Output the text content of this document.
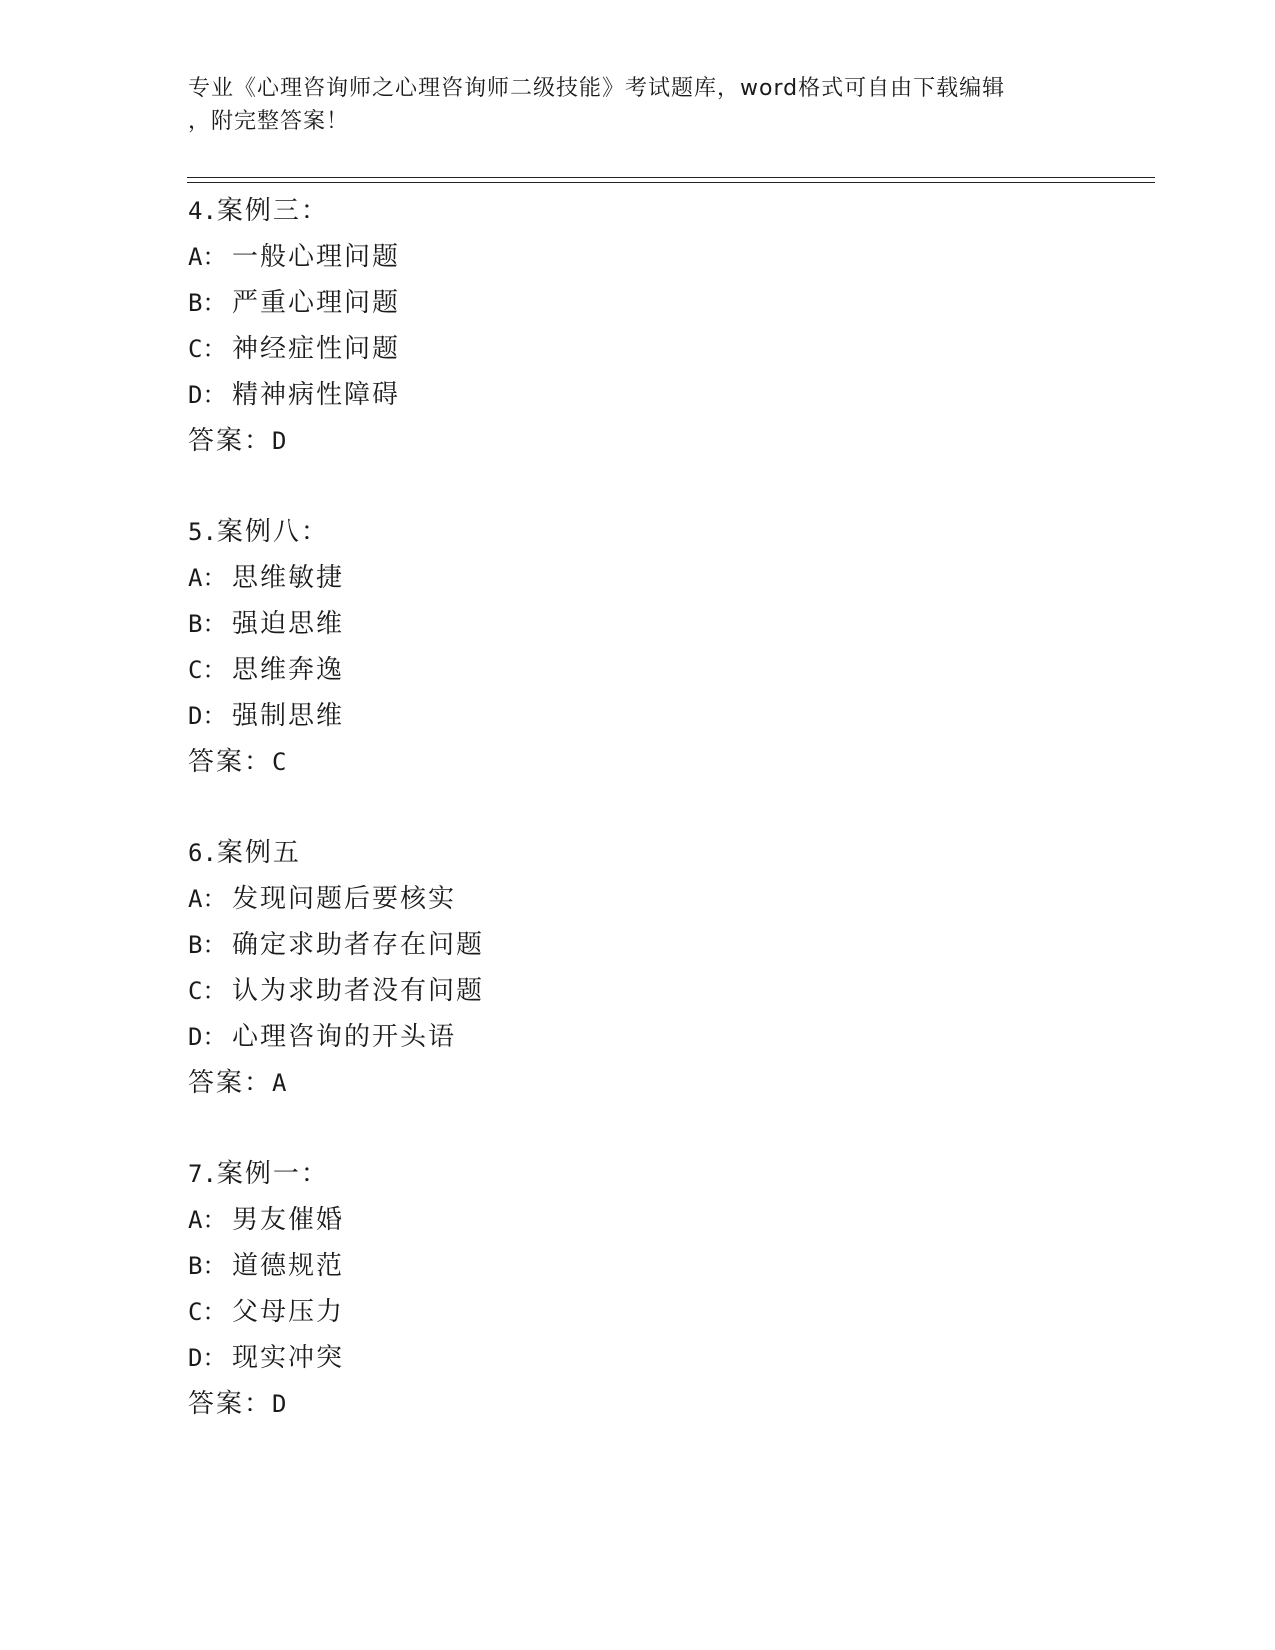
专业《心理咨询师之心理咨询师二级技能》考试题库，word格式可自由下载编辑
，附完整答案！
4.案例三：
A： 一般心理问题
B： 严重心理问题
C： 神经症性问题
D： 精神病性障碍
答案：D
5.案例八：
A： 思维敏捷
B： 强迫思维
C： 思维奔逸
D： 强制思维
答案：C
6.案例五
A： 发现问题后要核实
B： 确定求助者存在问题
C： 认为求助者没有问题
D： 心理咨询的开头语
答案：A
7.案例一：
A： 男友催婚
B： 道德规范
C： 父母压力
D： 现实冲突
答案：D
